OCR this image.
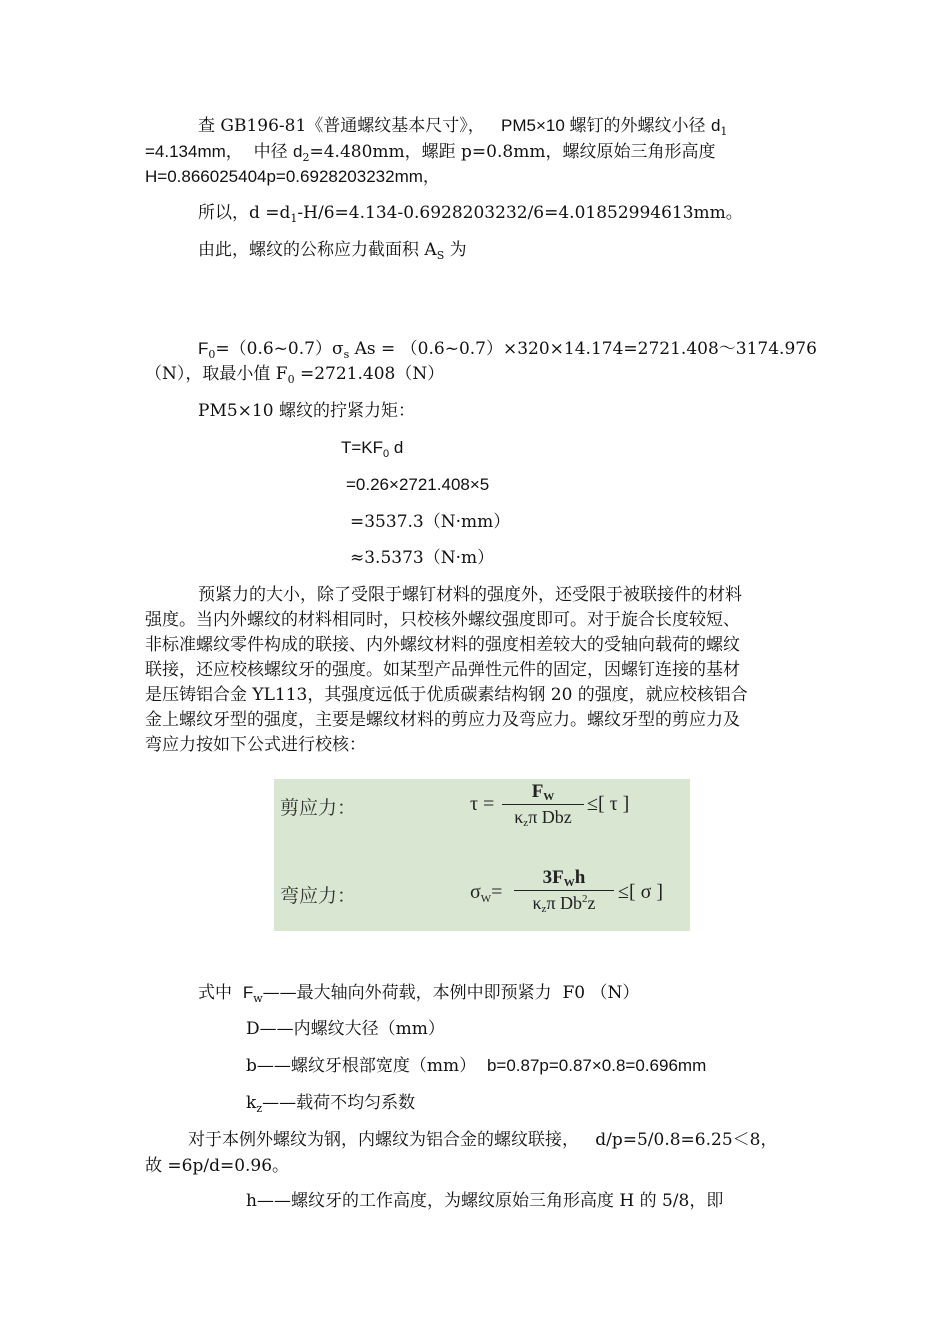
查 GB196-81《普通螺纹基本尺寸》， PM5×10 螺钉的外螺纹小径 $d_1$
=4.134mm， 中径 $d_2=4.480mm$，螺距 p=0.8mm，螺纹原始三角形高度
H=0.866025404p=0.6928203232mm，
所以，$d =d_1-H/6=4.134-0.6928203232/6=4.01852994613mm$。
由此，螺纹的公称应力截面积 $A_S$ 为
$F_0=(0.6\sim 0.7)\sigma_s$ As = （0.6~0.7）×320×14.174=2721.408～3174.976
（N），取最小值 $F_0 =2721.408(N)$
PM5×10 螺纹的拧紧力矩：
$T=KF_0$ d
=0.26×2721.408×5
=3537.3（N·mm）
≈3.5373（N·m）
预紧力的大小，除了受限于螺钉材料的强度外，还受限于被联接件的材料
强度。当内外螺纹的材料相同时，只校核外螺纹强度即可。对于旋合长度较短、
非标准螺纹零件构成的联接、内外螺纹材料的强度相差较大的受轴向载荷的螺纹
联接，还应校核螺纹牙的强度。如某型产品弹性元件的固定，因螺钉连接的基材
是压铸铝合金 YL113，其强度远低于优质碳素结构钢 20 的强度，就应校核铝合
金上螺纹牙型的强度，主要是螺纹材料的剪应力及弯应力。螺纹牙型的剪应力及
弯应力按如下公式进行校核：
剪应力：	τ =
$F_W$
$\kappa_z\pi$ Dbz
≤[ τ ]
弯应力：	$\sigma_W=$
$3F_Wh$
$\kappa_z\pi$ $Db^2z$	≤[ σ ]
式中 $F_w——$最大轴向外荷载，本例中即预紧力 F0 （N）
D——内螺纹大径（mm）
b——螺纹牙根部宽度（mm） b=0.87p=0.87×0.8=0.696mm
$k_z——$载荷不均匀系数
对于本例外螺纹为钢，内螺纹为铝合金的螺纹联接， d/p=5/0.8=6.25＜8，
故 =6p/d=0.96。
h——螺纹牙的工作高度，为螺纹原始三角形高度 H 的 5/8，即
